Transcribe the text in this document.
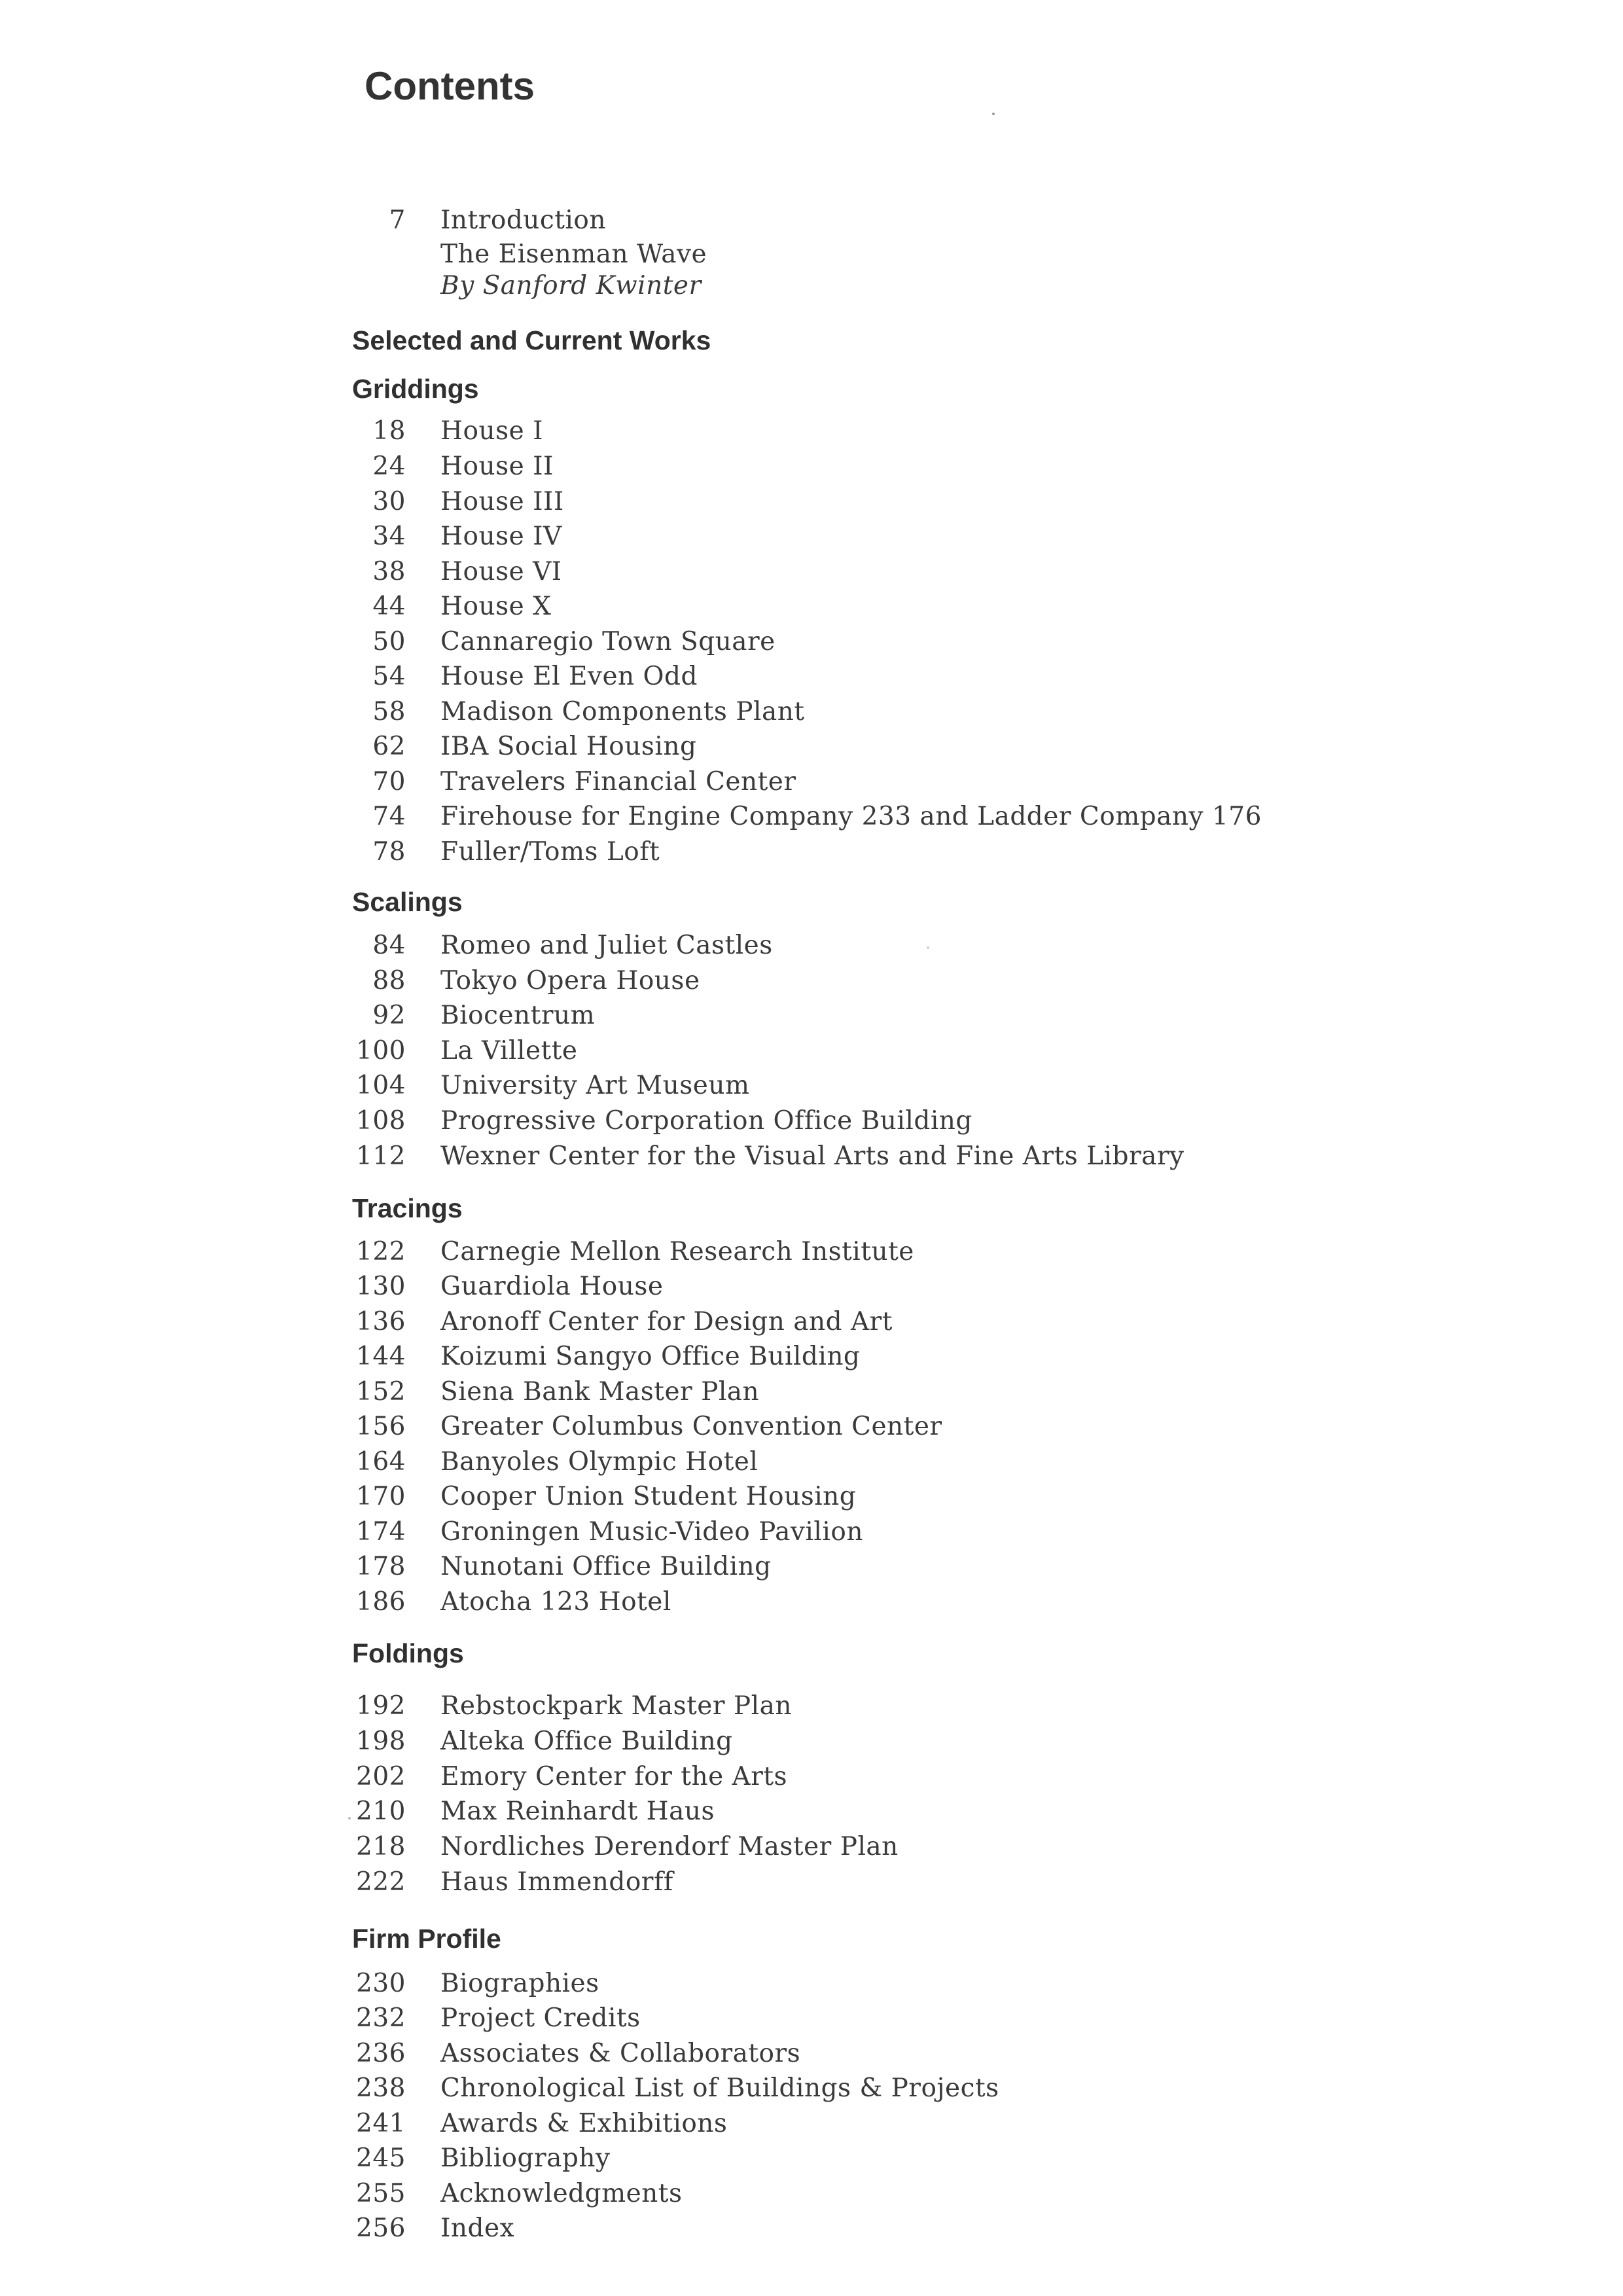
Contents
7 Introduction
The Eisenman Wave
By Sanford Kwinter
Selected and Current Works
Griddings
18 House I
24 House II
30 House III
34 House IV
38 House VI
44 House X
50 Cannaregio Town Square
54 House El Even Odd
58 Madison Components Plant
62 IBA Social Housing
70 Travelers Financial Center
74 Firehouse for Engine Company 233 and Ladder Company 176
78 Fuller/Toms Loft
Scalings
84 Romeo and Juliet Castles
88 Tokyo Opera House
92 Biocentrum
100 La Villette
104 University Art Museum
108 Progressive Corporation Office Building
112 Wexner Center for the Visual Arts and Fine Arts Library
Tracings
122 Carnegie Mellon Research Institute
130 Guardiola House
136 Aronoff Center for Design and Art
144 Koizumi Sangyo Office Building
152 Siena Bank Master Plan
156 Greater Columbus Convention Center
164 Banyoles Olympic Hotel
170 Cooper Union Student Housing
174 Groningen Music-Video Pavilion
178 Nunotani Office Building
186 Atocha 123 Hotel
Foldings
192 Rebstockpark Master Plan
198 Alteka Office Building
202 Emory Center for the Arts
210 Max Reinhardt Haus
218 Nordliches Derendorf Master Plan
222 Haus Immendorff
Firm Profile
230 Biographies
232 Project Credits
236 Associates & Collaborators
238 Chronological List of Buildings & Projects
241 Awards & Exhibitions
245 Bibliography
255 Acknowledgments
256 Index
